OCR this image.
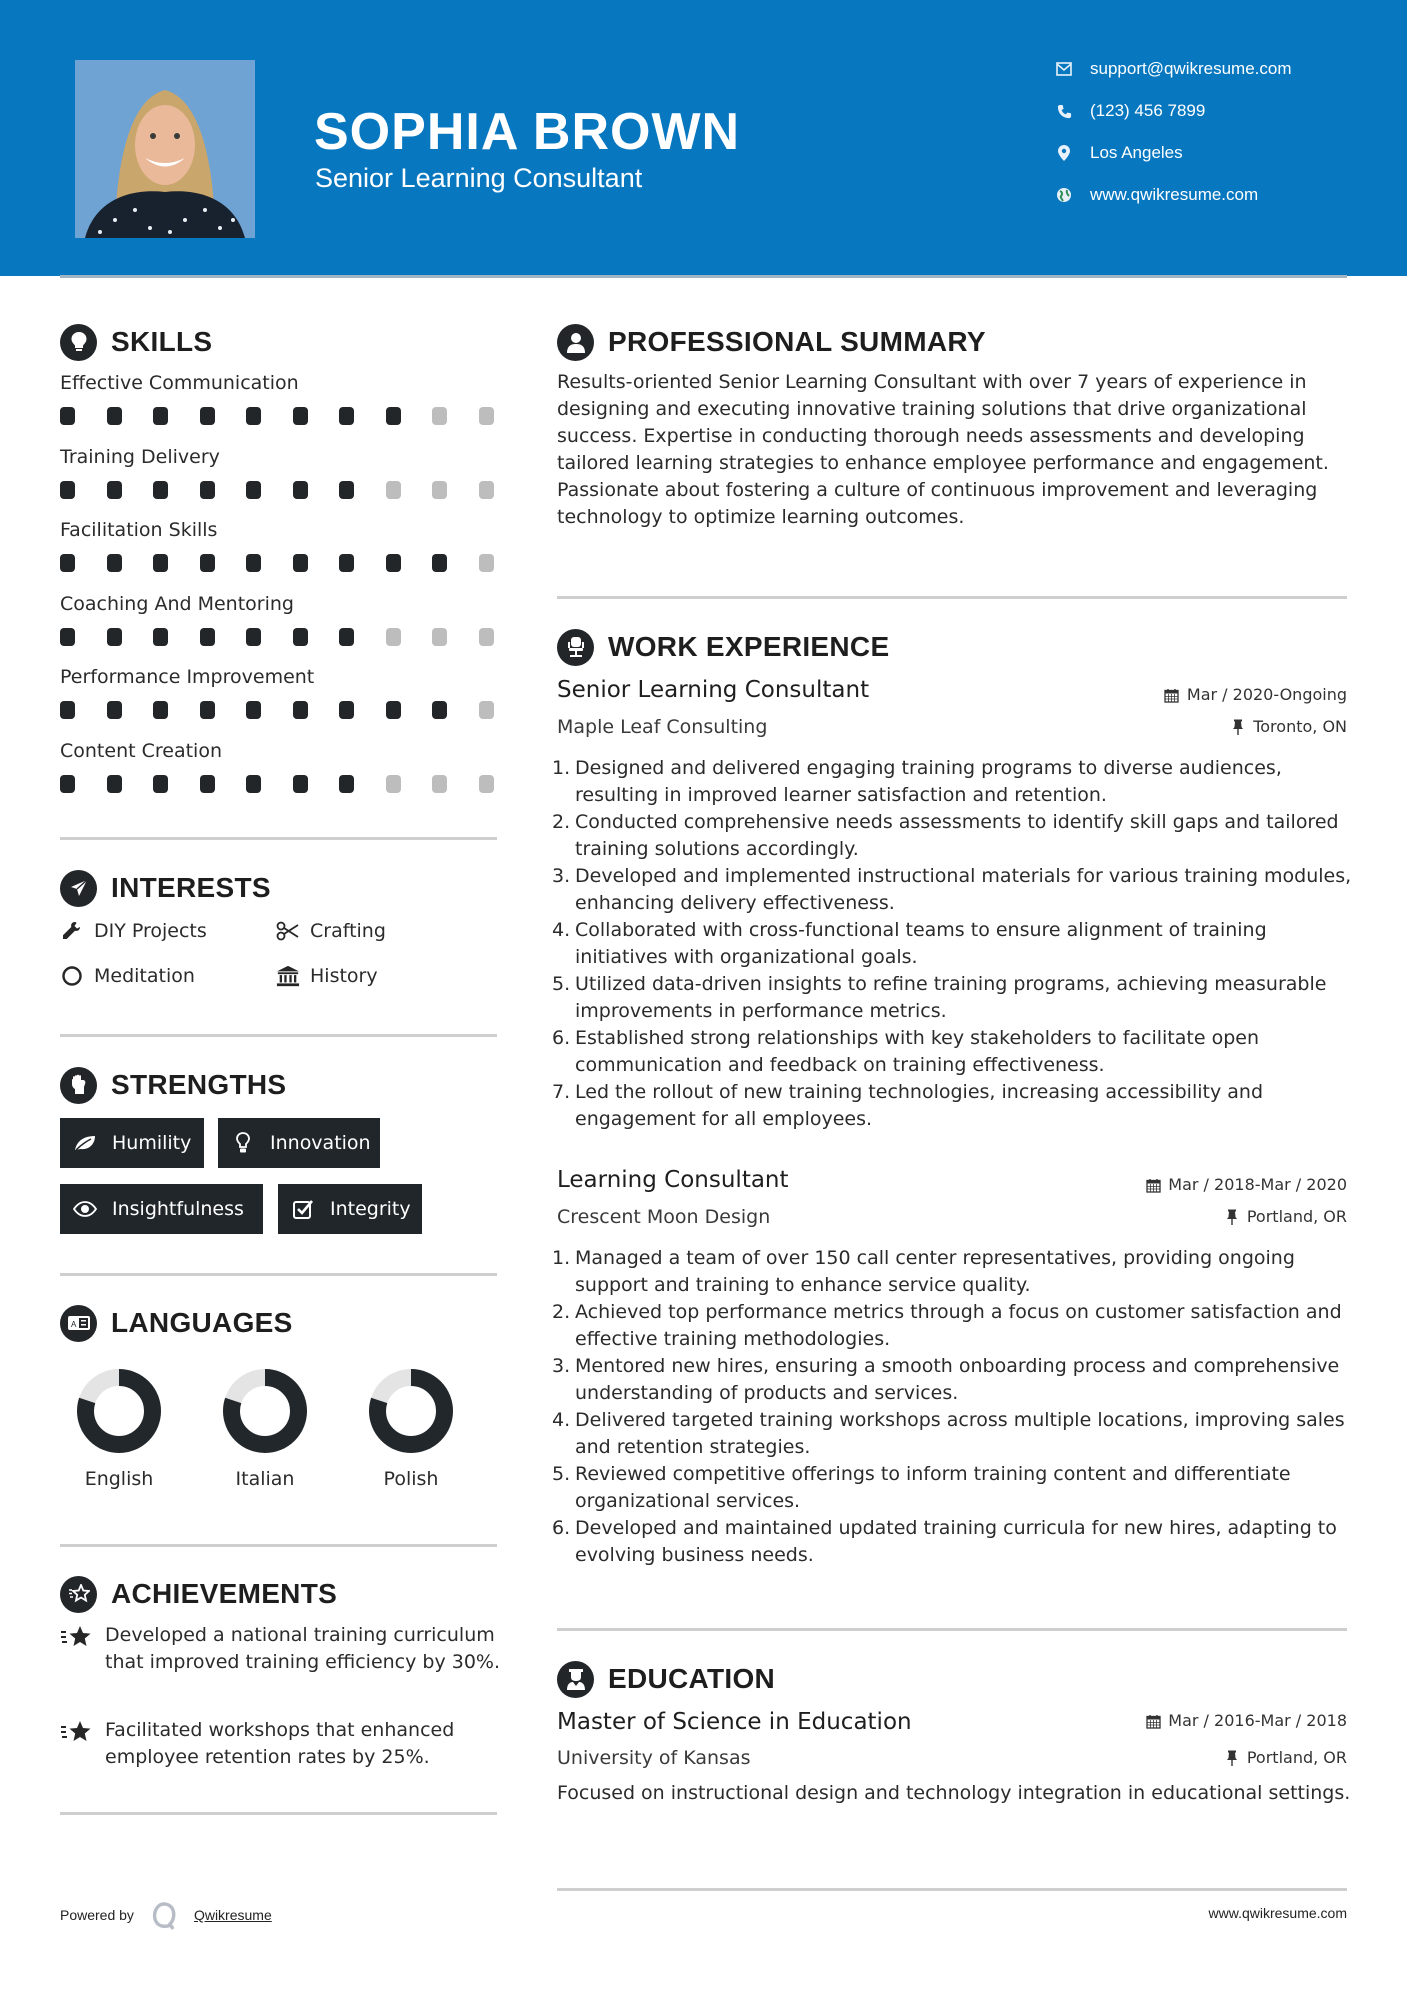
SOPHIA BROWN
Senior Learning Consultant
support@qwikresume.com
(123) 456 7899
Los Angeles
www.qwikresume.com
SKILLS
Effective Communication
Training Delivery
Facilitation Skills
Coaching And Mentoring
Performance Improvement
Content Creation
INTERESTS
DIY Projects	Crafting
Meditation	History
STRENGTHS
Humility	Innovation
Insightfulness	Integrity
A LANGUAGES
English	Italian	Polish
ACHIEVEMENTS
Developed a national training curriculum that improved training efficiency by 30%.
Facilitated workshops that enhanced employee retention rates by 25%.
PROFESSIONAL SUMMARY
Results-oriented Senior Learning Consultant with over 7 years of experience in designing and executing innovative training solutions that drive organizational success. Expertise in conducting thorough needs assessments and developing tailored learning strategies to enhance employee performance and engagement. Passionate about fostering a culture of continuous improvement and leveraging technology to optimize learning outcomes.
WORK EXPERIENCE
Senior Learning Consultant	Mar / 2020-Ongoing
Maple Leaf Consulting	Toronto, ON
1. Designed and delivered engaging training programs to diverse audiences, resulting in improved learner satisfaction and retention.
2. Conducted comprehensive needs assessments to identify skill gaps and tailored training solutions accordingly.
3. Developed and implemented instructional materials for various training modules, enhancing delivery effectiveness.
4. Collaborated with cross-functional teams to ensure alignment of training initiatives with organizational goals.
5. Utilized data-driven insights to refine training programs, achieving measurable improvements in performance metrics.
6. Established strong relationships with key stakeholders to facilitate open communication and feedback on training effectiveness.
7. Led the rollout of new training technologies, increasing accessibility and engagement for all employees.
Learning Consultant	Mar / 2018-Mar / 2020
Crescent Moon Design	Portland, OR
1. Managed a team of over 150 call center representatives, providing ongoing support and training to enhance service quality.
2. Achieved top performance metrics through a focus on customer satisfaction and effective training methodologies.
3. Mentored new hires, ensuring a smooth onboarding process and comprehensive understanding of products and services.
4. Delivered targeted training workshops across multiple locations, improving sales and retention strategies.
5. Reviewed competitive offerings to inform training content and differentiate organizational services.
6. Developed and maintained updated training curricula for new hires, adapting to evolving business needs.
EDUCATION
Master of Science in Education	Mar / 2016-Mar / 2018
University of Kansas	Portland, OR
Focused on instructional design and technology integration in educational settings.
Powered by	Qwikresume	www.qwikresume.com
